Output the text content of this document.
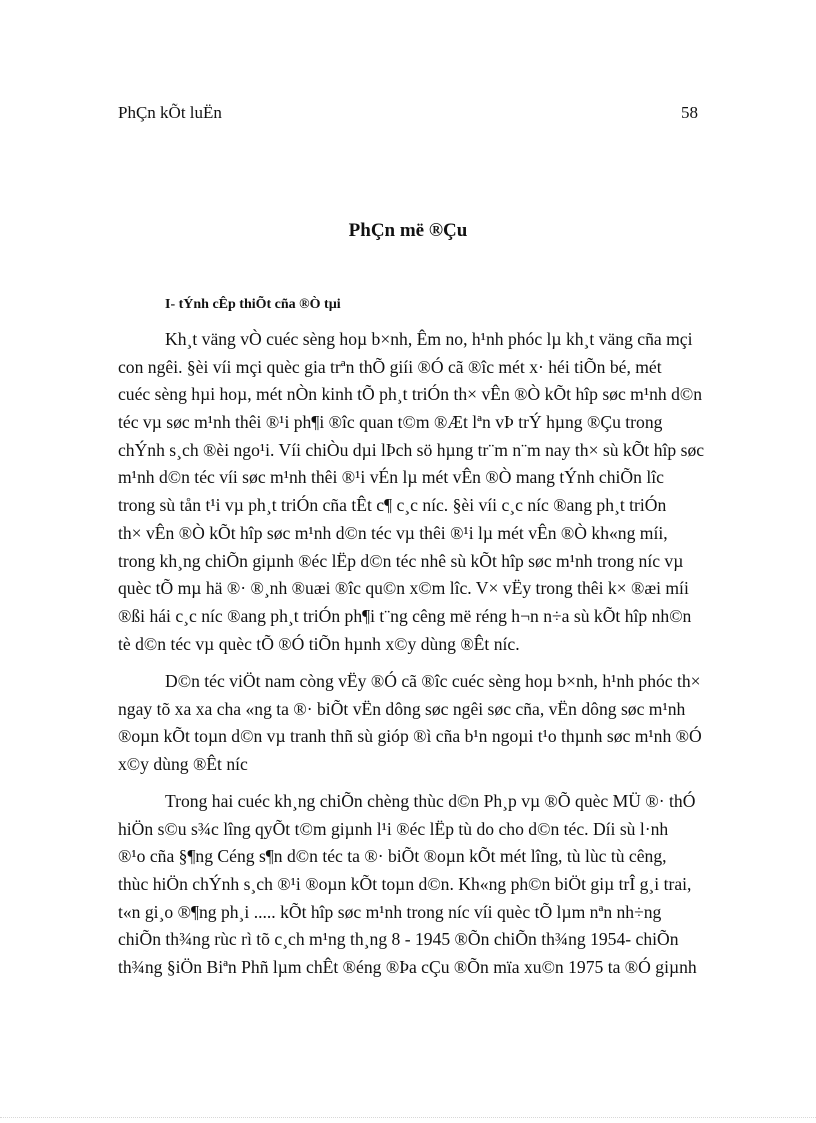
PhÇn kÕt luËn	58
PhÇn më ®Çu
I- tÝnh cÊp thiÕt cña ®Ò tµi
Kh¸t väng vÒ cuéc sèng hoµ b×nh, Êm no, h¹nh phóc lµ kh¸t väng cña mçi
con ngêi. §èi víi mçi quèc gia trªn thÕ giíi ®Ó cã ®îc mét x· héi tiÕn bé, mét
cuéc sèng hµi hoµ, mét nÒn kinh tÕ ph¸t triÓn th× vÊn ®Ò kÕt hîp søc m¹nh d©n
téc vµ søc m¹nh thêi ®¹i ph¶i ®îc quan t©m ®Æt lªn vÞ trÝ hµng ®Çu trong
chÝnh s¸ch ®èi ngo¹i. Víi chiÒu dµi lÞch sö hµng tr¨m n¨m nay th× sù kÕt hîp søc
m¹nh d©n téc víi søc m¹nh thêi ®¹i vÉn lµ mét vÊn ®Ò mang tÝnh chiÕn lîc
trong sù tån t¹i vµ ph¸t triÓn cña tÊt c¶ c¸c níc. §èi víi c¸c níc ®ang ph¸t triÓn
th× vÊn ®Ò kÕt hîp søc m¹nh d©n téc vµ thêi ®¹i lµ mét vÊn ®Ò kh«ng míi,
trong kh¸ng chiÕn giµnh ®éc lËp d©n téc nhê sù kÕt hîp søc m¹nh trong níc vµ
quèc tÕ mµ hä ®· ®¸nh ®uæi ®îc qu©n x©m lîc. V× vËy trong thêi k× ®æi míi
®ßi hái c¸c níc ®ang ph¸t triÓn ph¶i t¨ng cêng më réng h¬n n÷a sù kÕt hîp nh©n
tè d©n téc vµ quèc tÕ ®Ó tiÕn hµnh x©y dùng ®Êt níc.
D©n téc viÖt nam còng vËy ®Ó cã ®îc cuéc sèng hoµ b×nh, h¹nh phóc th×
ngay tõ xa xa cha «ng ta ®· biÕt vËn dông søc ngêi søc cña, vËn dông søc m¹nh
®oµn kÕt toµn d©n vµ tranh thñ sù gióp ®ì cña b¹n ngoµi t¹o thµnh søc m¹nh ®Ó
x©y dùng ®Êt níc
Trong hai cuéc kh¸ng chiÕn chèng thùc d©n Ph¸p vµ ®Õ quèc MÜ ®· thÓ
hiÖn s©u s¾c lîng qyÕt t©m giµnh l¹i ®éc lËp tù do cho d©n téc. Díi sù l·nh
®¹o cña §¶ng Céng s¶n d©n téc ta ®· biÕt ®oµn kÕt mét lîng, tù lùc tù cêng,
thùc hiÖn chÝnh s¸ch ®¹i ®oµn kÕt toµn d©n. Kh«ng ph©n biÖt giµ trÎ g¸i trai,
t«n gi¸o ®¶ng ph¸i ..... kÕt hîp søc m¹nh trong níc víi quèc tÕ lµm nªn nh÷ng
chiÕn th¾ng rùc rì tõ c¸ch m¹ng th¸ng 8 - 1945 ®Õn chiÕn th¾ng 1954- chiÕn
th¾ng §iÖn Biªn Phñ lµm chÊt ®éng ®Þa cÇu ®Õn mïa xu©n 1975 ta ®Ó giµnh
